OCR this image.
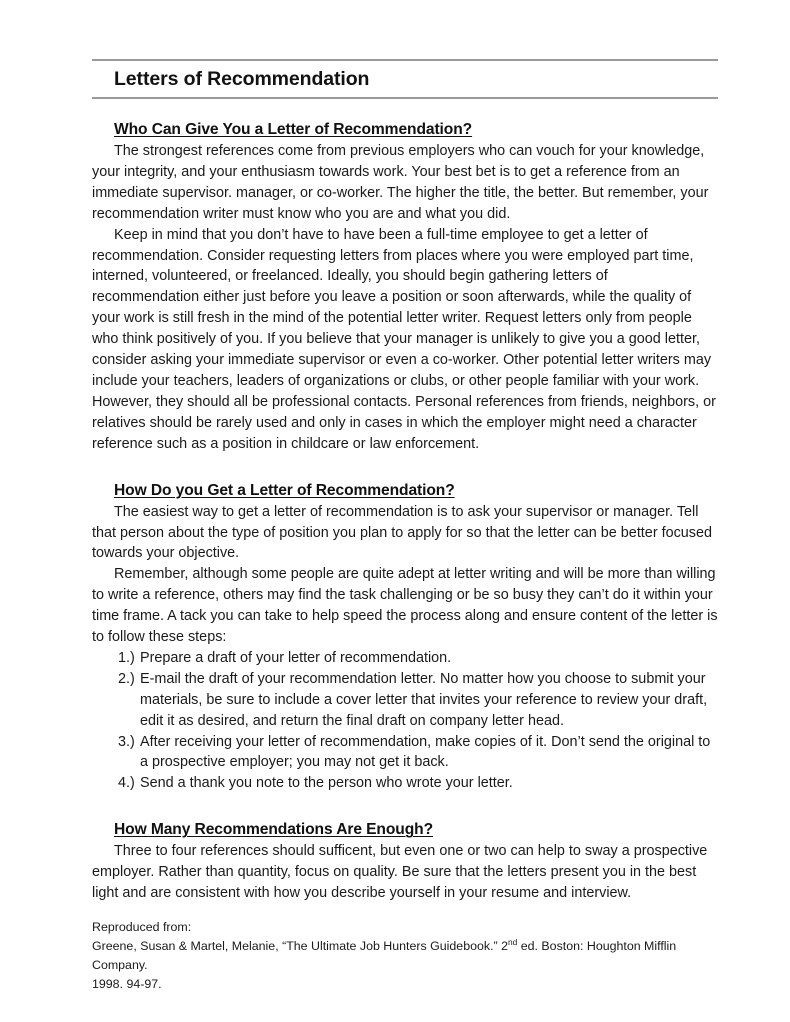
Letters of Recommendation
Who Can Give You a Letter of Recommendation?

The strongest references come from previous employers who can vouch for your knowledge, your integrity, and your enthusiasm towards work. Your best bet is to get a reference from an immediate supervisor. manager, or co-worker. The higher the title, the better. But remember, your recommendation writer must know who you are and what you did.

Keep in mind that you don’t have to have been a full-time employee to get a letter of recommendation. Consider requesting letters from places where you were employed part time, interned, volunteered, or freelanced. Ideally, you should begin gathering letters of recommendation either just before you leave a position or soon afterwards, while the quality of your work is still fresh in the mind of the potential letter writer. Request letters only from people who think positively of you. If you believe that your manager is unlikely to give you a good letter, consider asking your immediate supervisor or even a co-worker. Other potential letter writers may include your teachers, leaders of organizations or clubs, or other people familiar with your work. However, they should all be professional contacts. Personal references from friends, neighbors, or relatives should be rarely used and only in cases in which the employer might need a character reference such as a position in childcare or law enforcement.

How Do you Get a Letter of Recommendation?

The easiest way to get a letter of recommendation is to ask your supervisor or manager. Tell that person about the type of position you plan to apply for so that the letter can be better focused towards your objective.

Remember, although some people are quite adept at letter writing and will be more than willing to write a reference, others may find the task challenging or be so busy they can’t do it within your time frame. A tack you can take to help speed the process along and ensure content of the letter is to follow these steps:

1.) Prepare a draft of your letter of recommendation.
2.) E-mail the draft of your recommendation letter. No matter how you choose to submit your materials, be sure to include a cover letter that invites your reference to review your draft, edit it as desired, and return the final draft on company letter head.
3.) After receiving your letter of recommendation, make copies of it. Don’t send the original to a prospective employer; you may not get it back.
4.) Send a thank you note to the person who wrote your letter.
How Many Recommendations Are Enough?

Three to four references should sufficent, but even one or two can help to sway a prospective employer. Rather than quantity, focus on quality. Be sure that the letters present you in the best light and are consistent with how you describe yourself in your resume and interview.

Reproduced from:
Greene, Susan & Martel, Melanie, “The Ultimate Job Hunters Guidebook.” 2nd ed. Boston: Houghton Mifflin Company.
1998. 94-97.
